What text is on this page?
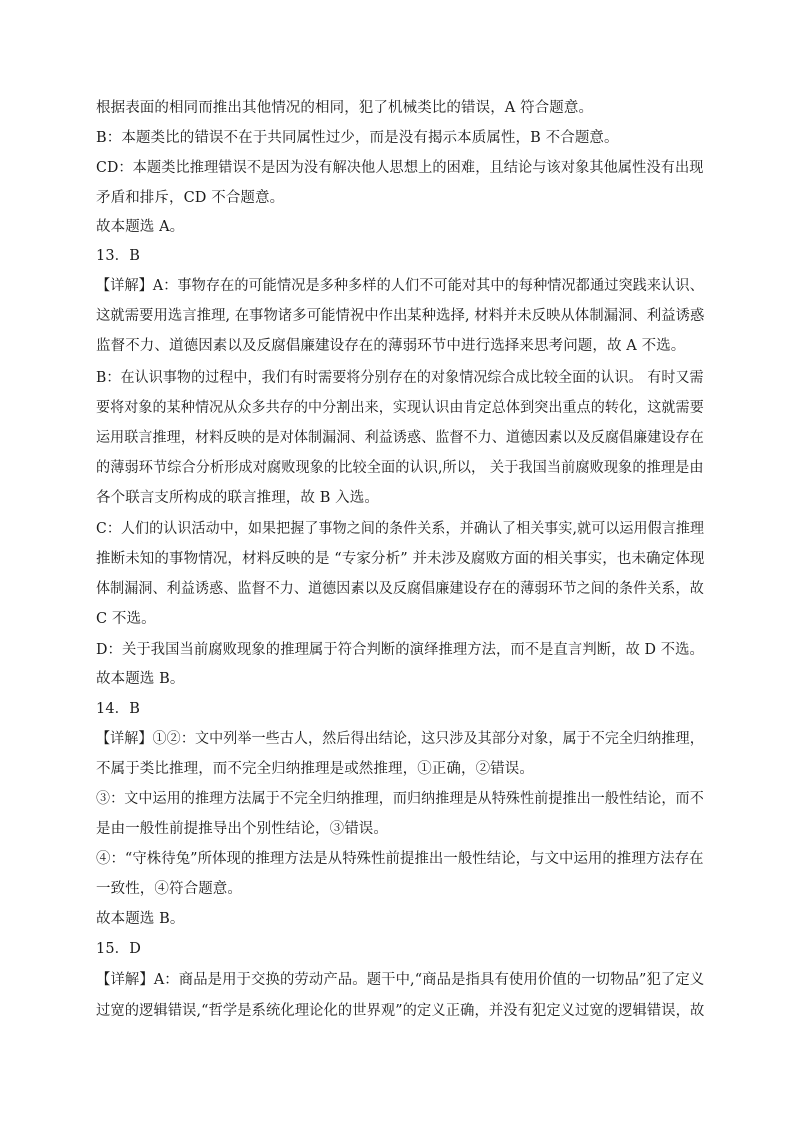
根据表面的相同而推出其他情况的相同，犯了机械类比的错误，A 符合题意。
B：本题类比的错误不在于共同属性过少，而是没有揭示本质属性，B 不合题意。
CD：本题类比推理错误不是因为没有解决他人思想上的困难，且结论与该对象其他属性没有出现
矛盾和排斥，CD 不合题意。
故本题选 A。
13．B
【详解】A：事物存在的可能情况是多种多样的人们不可能对其中的每种情况都通过突践来认识、
这就需要用选言推理, 在事物诸多可能情祝中作出某种选择, 材料并未反映从体制漏洞、利益诱惑
监督不力、道德因素以及反腐倡廉建设存在的薄弱环节中进行选择来思考问题，故 A 不选。
B：在认识事物的过程中，我们有时需要将分别存在的对象情况综合成比较全面的认识。 有时又需
要将对象的某种情况从众多共存的中分割出来，实现认识由肯定总体到突出重点的转化，这就需要
运用联言推理，材料反映的是对体制漏洞、利益诱惑、监督不力、道德因素以及反腐倡廉建设存在
的薄弱环节综合分析形成对腐败现象的比较全面的认识,所以， 关于我国当前腐败现象的推理是由
各个联言支所构成的联言推理，故 B 入选。
C：人们的认识活动中，如果把握了事物之间的条件关系，并确认了相关事实,就可以运用假言推理
推断未知的事物情况，材料反映的是 “专家分析” 并未涉及腐败方面的相关事实，也未确定体现
体制漏洞、利益诱惑、监督不力、道德因素以及反腐倡廉建设存在的薄弱环节之间的条件关系，故
C 不选。
D：关于我国当前腐败现象的推理属于符合判断的演绎推理方法，而不是直言判断，故 D 不选。
故本题选 B。
14．B
【详解】①②：文中列举一些古人，然后得出结论，这只涉及其部分对象，属于不完全归纳推理，
不属于类比推理，而不完全归纳推理是或然推理，①正确，②错误。
③：文中运用的推理方法属于不完全归纳推理，而归纳推理是从特殊性前提推出一般性结论，而不
是由一般性前提推导出个别性结论，③错误。
④：“守株待兔”所体现的推理方法是从特殊性前提推出一般性结论，与文中运用的推理方法存在
一致性，④符合题意。
故本题选 B。
15．D
【详解】A：商品是用于交换的劳动产品。题干中,“商品是指具有使用价值的一切物品”犯了定义
过宽的逻辑错误,“哲学是系统化理论化的世界观”的定义正确，并没有犯定义过宽的逻辑错误，故
